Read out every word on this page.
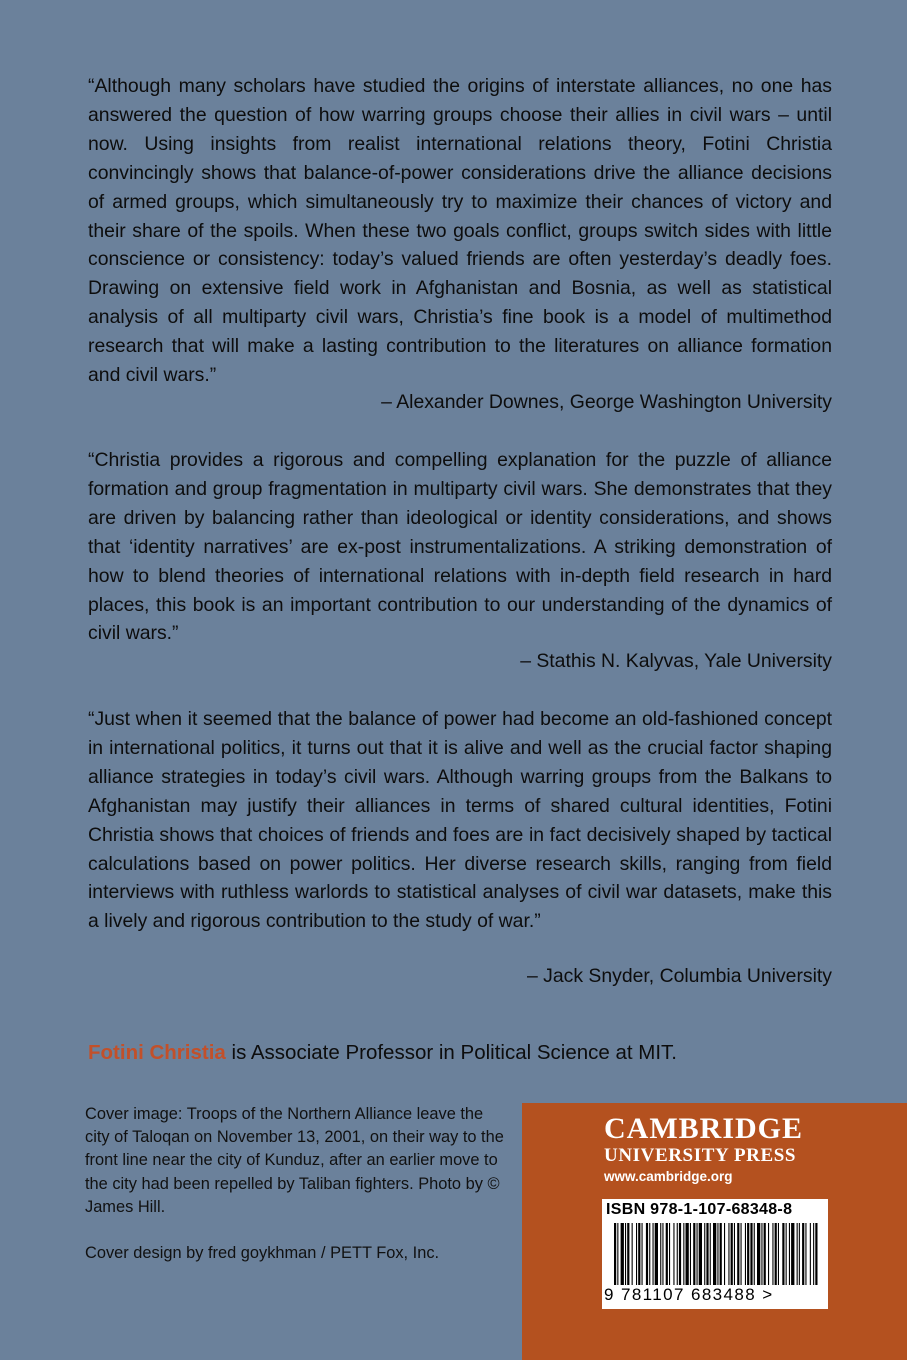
“Although many scholars have studied the origins of interstate alliances, no one has answered the question of how warring groups choose their allies in civil wars – until now. Using insights from realist international relations theory, Fotini Christia convincingly shows that balance-of-power considerations drive the alliance decisions of armed groups, which simultaneously try to maximize their chances of victory and their share of the spoils. When these two goals conflict, groups switch sides with little conscience or consistency: today’s valued friends are often yesterday’s deadly foes. Drawing on extensive field work in Afghanistan and Bosnia, as well as statistical analysis of all multiparty civil wars, Christia’s fine book is a model of multimethod research that will make a lasting contribution to the literatures on alliance formation and civil wars.”

– Alexander Downes, George Washington University

“Christia provides a rigorous and compelling explanation for the puzzle of alliance formation and group fragmentation in multiparty civil wars. She demonstrates that they are driven by balancing rather than ideological or identity considerations, and shows that ‘identity narratives’ are ex-post instrumentalizations. A striking demonstration of how to blend theories of international relations with in-depth field research in hard places, this book is an important contribution to our understanding of the dynamics of civil wars.”

– Stathis N. Kalyvas, Yale University

“Just when it seemed that the balance of power had become an old-fashioned concept in international politics, it turns out that it is alive and well as the crucial factor shaping alliance strategies in today’s civil wars. Although warring groups from the Balkans to Afghanistan may justify their alliances in terms of shared cultural identities, Fotini Christia shows that choices of friends and foes are in fact decisively shaped by tactical calculations based on power politics. Her diverse research skills, ranging from field interviews with ruthless warlords to statistical analyses of civil war datasets, make this a lively and rigorous contribution to the study of war.”

– Jack Snyder, Columbia University

Fotini Christia is Associate Professor in Political Science at MIT.

Cover image: Troops of the Northern Alliance leave the city of Taloqan on November 13, 2001, on their way to the front line near the city of Kunduz, after an earlier move to the city had been repelled by Taliban fighters. Photo by © James Hill.

Cover design by fred goykhman / PETT Fox, Inc.

CAMBRIDGE
UNIVERSITY PRESS
www.cambridge.org
ISBN 978-1-107-68348-8
9 781107 683488 >
